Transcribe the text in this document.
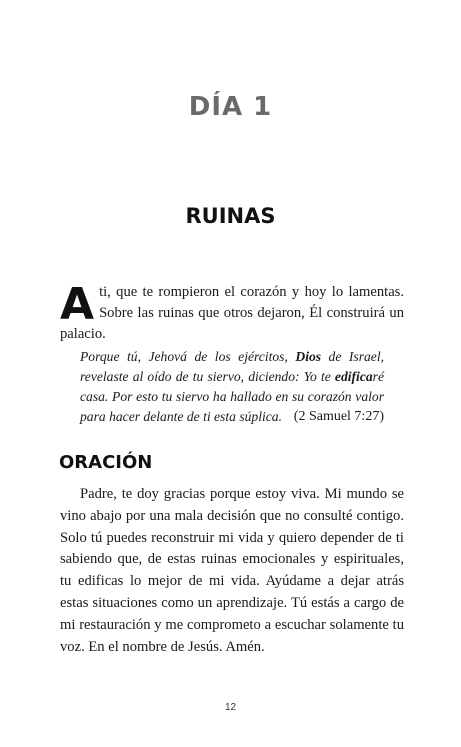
DÍA 1
RUINAS

A ti, que te rompieron el corazón y hoy lo lamentas. Sobre las ruinas que otros dejaron, Él construirá un palacio.

Porque tú, Jehová de los ejércitos, Dios de Israel, revelaste al oído de tu siervo, diciendo: Yo te edificaré casa. Por esto tu siervo ha hallado en su corazón valor para hacer delante de ti esta súplica. (2 Samuel 7:27)

ORACIÓN

Padre, te doy gracias porque estoy viva. Mi mundo se vino abajo por una mala decisión que no consulté contigo. Solo tú puedes reconstruir mi vida y quiero depender de ti sabiendo que, de estas ruinas emocionales y espirituales, tu edificas lo mejor de mi vida. Ayúdame a dejar atrás estas situaciones como un aprendizaje. Tú estás a cargo de mi restauración y me comprometo a escuchar solamente tu voz. En el nombre de Jesús. Amén.

12
